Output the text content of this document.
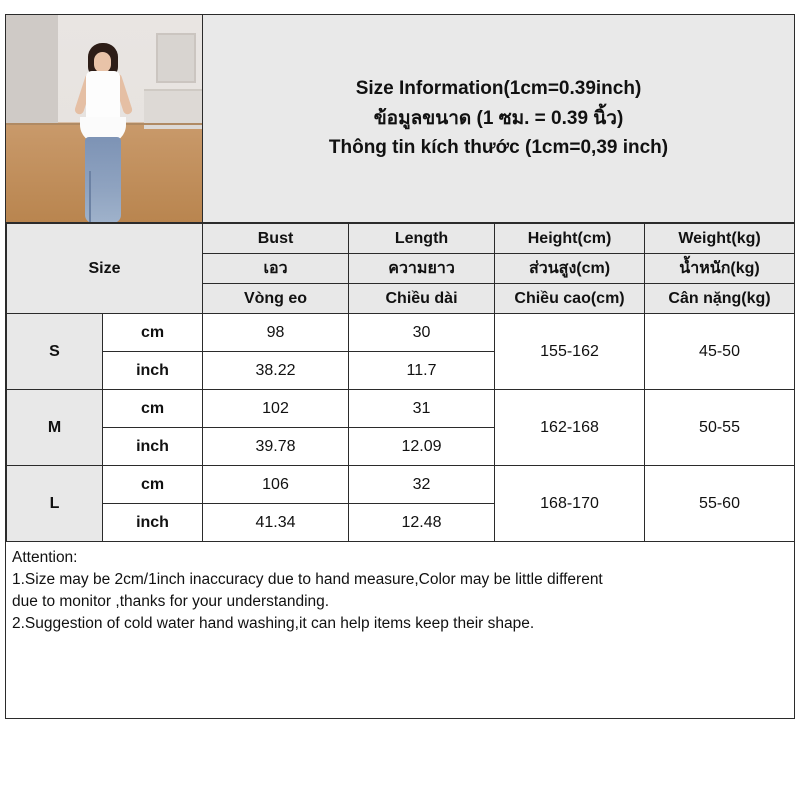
Size Information(1cm=0.39inch)
ข้อมูลขนาด (1 ซม. = 0.39 นิ้ว)
Thông tin kích thước (1cm=0,39 inch)
Size		Bust	Length	Height(cm)	Weight(kg)
		เอว	ความยาว	ส่วนสูง(cm)	น้ำหนัก(kg)
		Vòng eo	Chiều dài	Chiều cao(cm)	Cân nặng(kg)
S	cm	98	30	155-162	45-50
	inch	38.22	11.7		
M	cm	102	31	162-168	50-55
	inch	39.78	12.09		
L	cm	106	32	168-170	55-60
	inch	41.34	12.48		
Attention:
1.Size may be 2cm/1inch inaccuracy due to hand measure,Color may be little different
due to monitor ,thanks for your understanding.
2.Suggestion of cold water hand washing,it can help items keep their shape.
